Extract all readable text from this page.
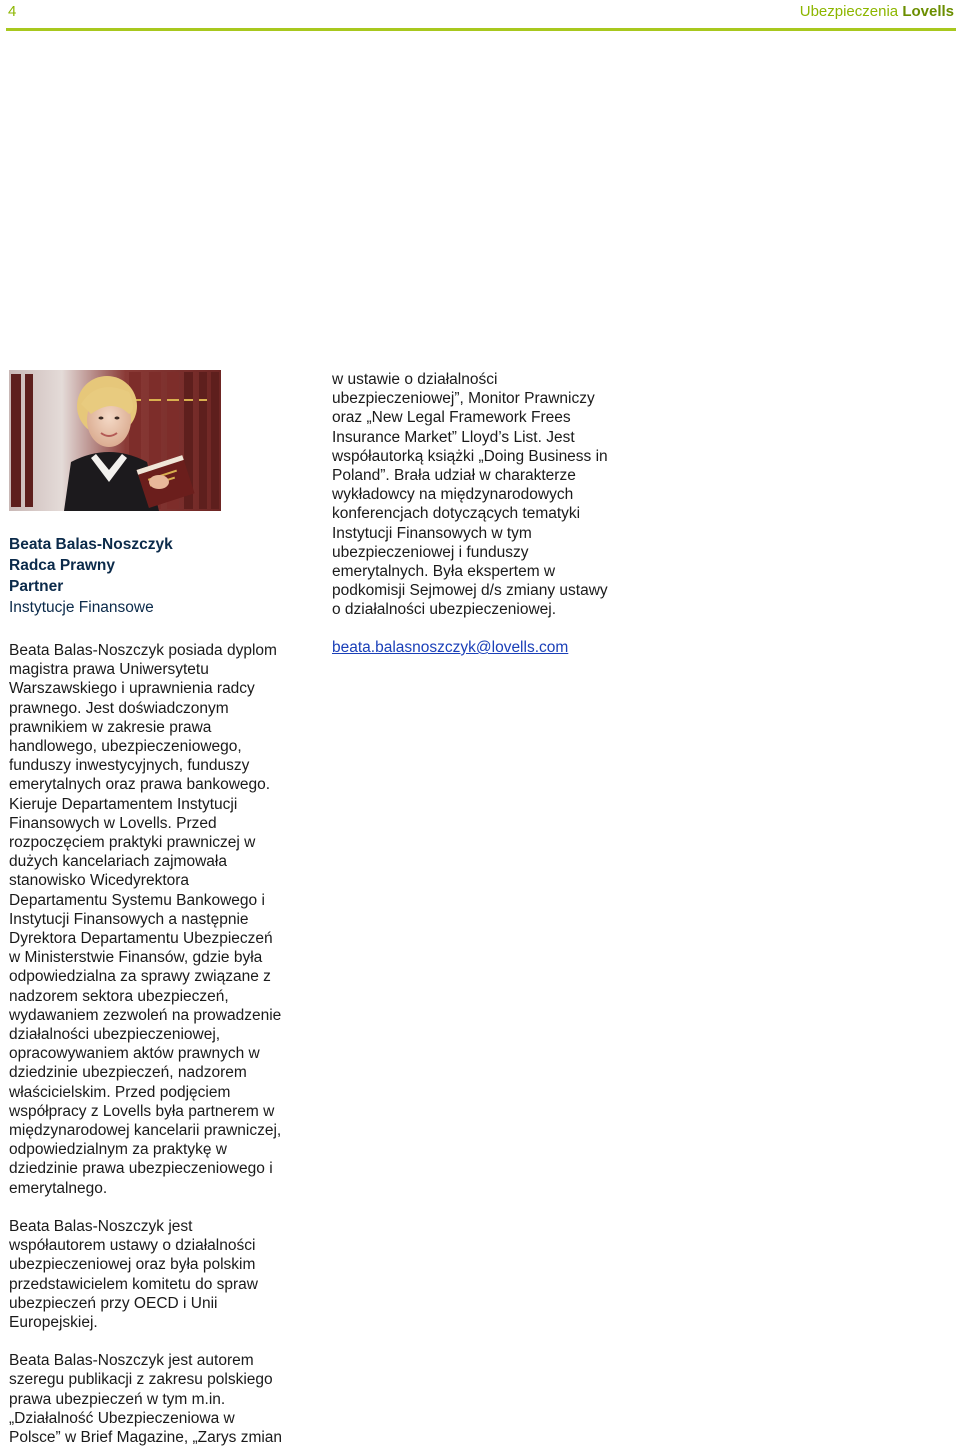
4	Ubezpieczenia Lovells
Beata Balas-Noszczyk
Radca Prawny
Partner
Instytucje Finansowe

Beata Balas-Noszczyk posiada dyplom
magistra prawa Uniwersytetu
Warszawskiego i uprawnienia radcy
prawnego. Jest doświadczonym
prawnikiem w zakresie prawa
handlowego, ubezpieczeniowego,
funduszy inwestycyjnych, funduszy
emerytalnych oraz prawa bankowego.
Kieruje Departamentem Instytucji
Finansowych w Lovells. Przed
rozpoczęciem praktyki prawniczej w
dużych kancelariach zajmowała
stanowisko Wicedyrektora
Departamentu Systemu Bankowego i
Instytucji Finansowych a następnie
Dyrektora Departamentu Ubezpieczeń
w Ministerstwie Finansów, gdzie była
odpowiedzialna za sprawy związane z
nadzorem sektora ubezpieczeń,
wydawaniem zezwoleń na prowadzenie
działalności ubezpieczeniowej,
opracowywaniem aktów prawnych w
dziedzinie ubezpieczeń, nadzorem
właścicielskim. Przed podjęciem
współpracy z Lovells była partnerem w
międzynarodowej kancelarii prawniczej,
odpowiedzialnym za praktykę w
dziedzinie prawa ubezpieczeniowego i
emerytalnego.

Beata Balas-Noszczyk jest
współautorem ustawy o działalności
ubezpieczeniowej oraz była polskim
przedstawicielem komitetu do spraw
ubezpieczeń przy OECD i Unii
Europejskiej.

Beata Balas-Noszczyk jest autorem
szeregu publikacji z zakresu polskiego
prawa ubezpieczeń w tym m.in.
„Działalność Ubezpieczeniowa w
Polsce” w Brief Magazine, „Zarys zmian

w ustawie o działalności
ubezpieczeniowej”, Monitor Prawniczy
oraz „New Legal Framework Frees
Insurance Market” Lloyd’s List. Jest
współautorką książki „Doing Business in
Poland”. Brała udział w charakterze
wykładowcy na międzynarodowych
konferencjach dotyczących tematyki
Instytucji Finansowych w tym
ubezpieczeniowej i funduszy
emerytalnych. Była ekspertem w
podkomisji Sejmowej d/s zmiany ustawy
o działalności ubezpieczeniowej.

beata.balasnoszczyk@lovells.com
